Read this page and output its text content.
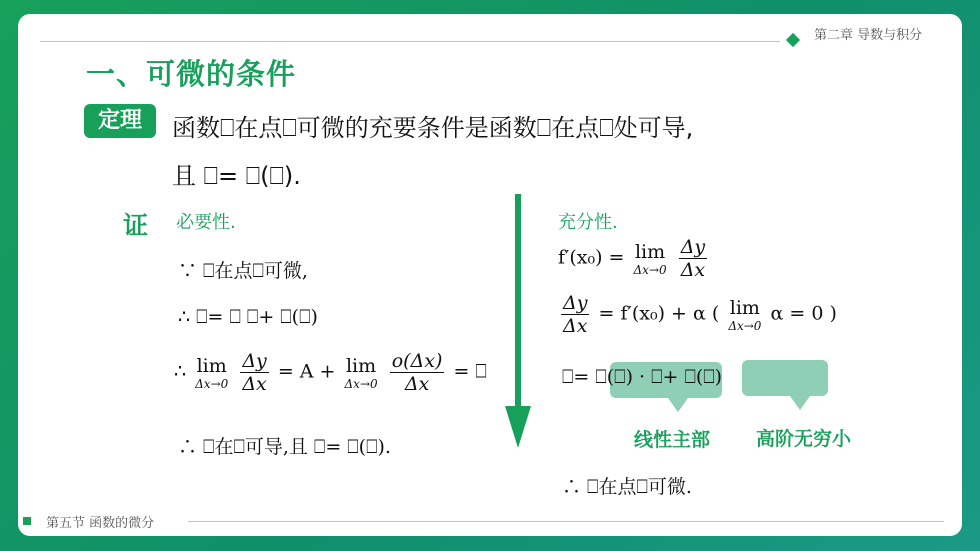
第二章 导数与积分
一、可微的条件
定理	函数⎕在点⎕可微的充要条件是函数⎕在点⎕处可导,
且 ⎕= ⎕(⎕).
证 必要性.
∵ ⎕在点⎕可微,
∴ ⎕= ⎕ ⎕+ ⎕(⎕)
∴ lim
Δx→0
$\frac{\Delta y}{\Delta x} = A + \lim$
Δx→0
$\frac{o(\Delta x)}{\Delta x}$ = ⎕
∴ ⎕在⎕可导,且 ⎕= ⎕(⎕).
充分性.
f′(x₀) = lim
Δx→0
$\frac{\Delta y}{\Delta x}$
$\frac{\Delta y}{\Delta x} = f'(x_0) + \alpha$ ( lim
Δx→0
α = 0 )
⎕= ⎕(⎕) · ⎕+ ⎕(⎕)
线性主部 高阶无穷小
∴ ⎕在点⎕可微.
第五节 函数的微分
